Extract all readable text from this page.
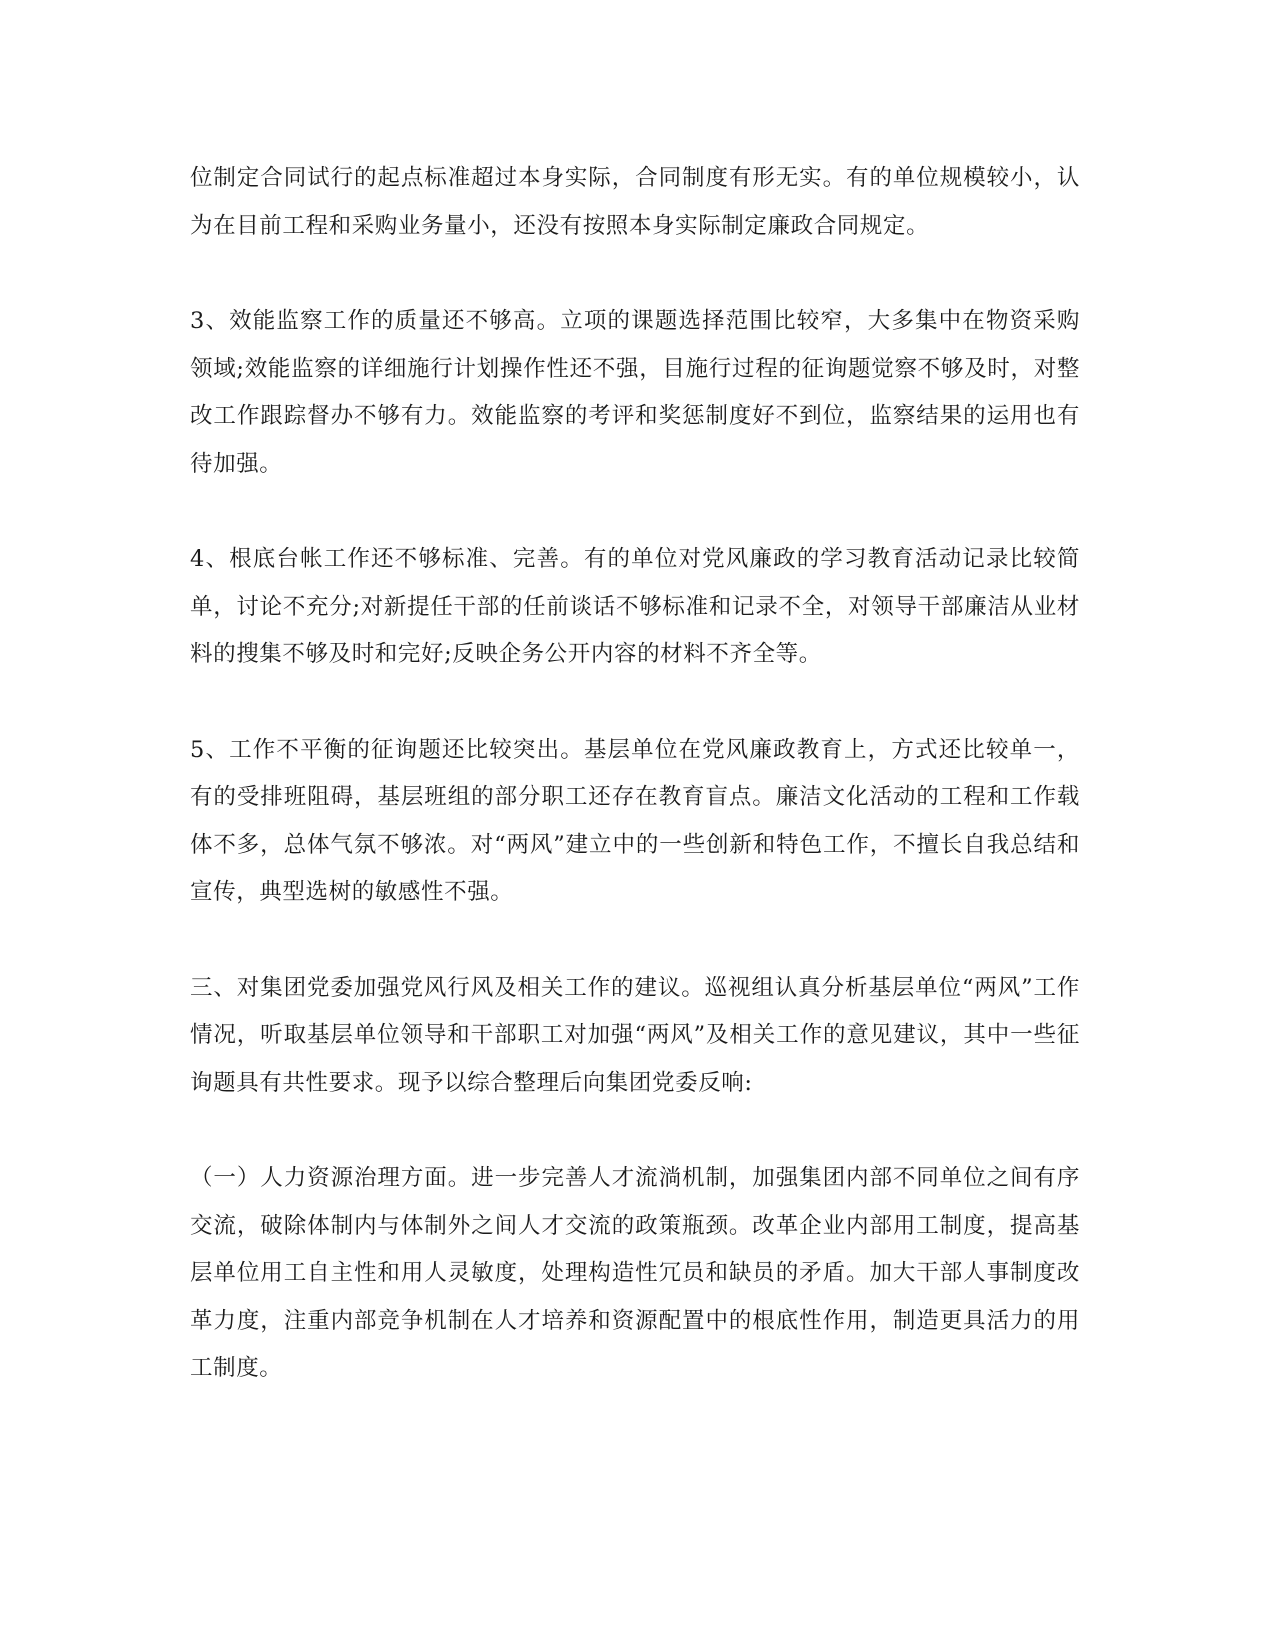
位制定合同试行的起点标准超过本身实际，合同制度有形无实。有的单位规模较小，认为在目前工程和采购业务量小，还没有按照本身实际制定廉政合同规定。

3、效能监察工作的质量还不够高。立项的课题选择范围比较窄，大多集中在物资采购领域;效能监察的详细施行计划操作性还不强，目施行过程的征询题觉察不够及时，对整改工作跟踪督办不够有力。效能监察的考评和奖惩制度好不到位，监察结果的运用也有待加强。

4、根底台帐工作还不够标准、完善。有的单位对党风廉政的学习教育活动记录比较简单，讨论不充分;对新提任干部的任前谈话不够标准和记录不全，对领导干部廉洁从业材料的搜集不够及时和完好;反映企务公开内容的材料不齐全等。

5、工作不平衡的征询题还比较突出。基层单位在党风廉政教育上，方式还比较单一，有的受排班阻碍，基层班组的部分职工还存在教育盲点。廉洁文化活动的工程和工作载体不多，总体气氛不够浓。对“两风”建立中的一些创新和特色工作，不擅长自我总结和宣传，典型选树的敏感性不强。

三、对集团党委加强党风行风及相关工作的建议。巡视组认真分析基层单位“两风”工作情况，听取基层单位领导和干部职工对加强“两风”及相关工作的意见建议，其中一些征询题具有共性要求。现予以综合整理后向集团党委反响:

（一）人力资源治理方面。进一步完善人才流淌机制，加强集团内部不同单位之间有序交流，破除体制内与体制外之间人才交流的政策瓶颈。改革企业内部用工制度，提高基层单位用工自主性和用人灵敏度，处理构造性冗员和缺员的矛盾。加大干部人事制度改革力度，注重内部竞争机制在人才培养和资源配置中的根底性作用，制造更具活力的用工制度。
